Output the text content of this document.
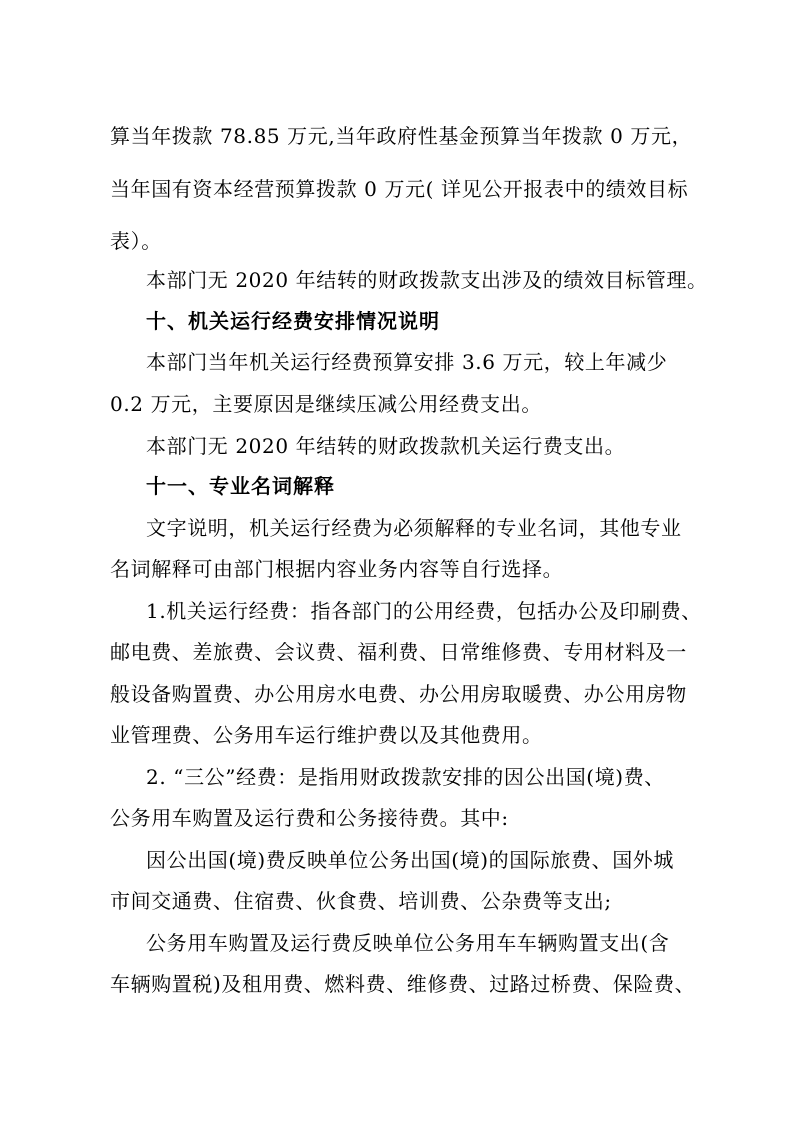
算当年拨款 78.85 万元,当年政府性基金预算当年拨款 0 万元，
当年国有资本经营预算拨款 0 万元( 详见公开报表中的绩效目标
表）。
本部门无 2020 年结转的财政拨款支出涉及的绩效目标管理。
十、机关运行经费安排情况说明
本部门当年机关运行经费预算安排 3.6 万元，较上年减少
0.2 万元，主要原因是继续压减公用经费支出。
本部门无 2020 年结转的财政拨款机关运行费支出。
十一、专业名词解释
文字说明，机关运行经费为必须解释的专业名词，其他专业
名词解释可由部门根据内容业务内容等自行选择。
1.机关运行经费：指各部门的公用经费，包括办公及印刷费、
邮电费、差旅费、会议费、福利费、日常维修费、专用材料及一
般设备购置费、办公用房水电费、办公用房取暖费、办公用房物
业管理费、公务用车运行维护费以及其他费用。
2. “三公”经费：是指用财政拨款安排的因公出国(境)费、
公务用车购置及运行费和公务接待费。其中:
因公出国(境)费反映单位公务出国(境)的国际旅费、国外城
市间交通费、住宿费、伙食费、培训费、公杂费等支出;
公务用车购置及运行费反映单位公务用车车辆购置支出(含
车辆购置税)及租用费、燃料费、维修费、过路过桥费、保险费、
